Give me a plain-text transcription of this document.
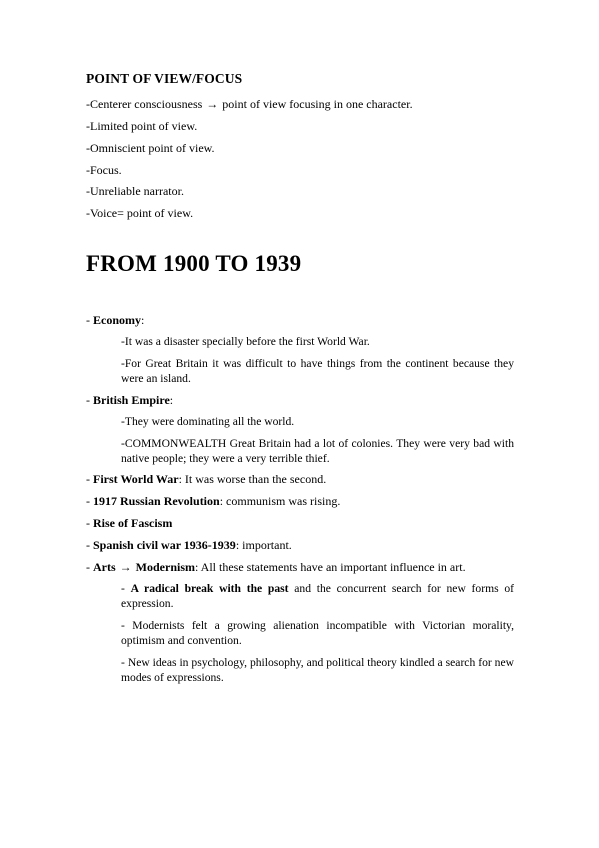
POINT OF VIEW/FOCUS
-Centerer consciousness → point of view focusing in one character.
-Limited point of view.
-Omniscient point of view.
-Focus.
-Unreliable narrator.
-Voice= point of view.
FROM 1900 TO 1939
- Economy:
-It was a disaster specially before the first World War.
-For Great Britain it was difficult to have things from the continent because they were an island.
- British Empire:
-They were dominating all the world.
-COMMONWEALTH Great Britain had a lot of colonies. They were very bad with native people; they were a very terrible thief.
- First World War: It was worse than the second.
- 1917 Russian Revolution: communism was rising.
- Rise of Fascism
- Spanish civil war 1936-1939: important.
- Arts → Modernism: All these statements have an important influence in art.
- A radical break with the past and the concurrent search for new forms of expression.
- Modernists felt a growing alienation incompatible with Victorian morality, optimism and convention.
- New ideas in psychology, philosophy, and political theory kindled a search for new modes of expressions.
